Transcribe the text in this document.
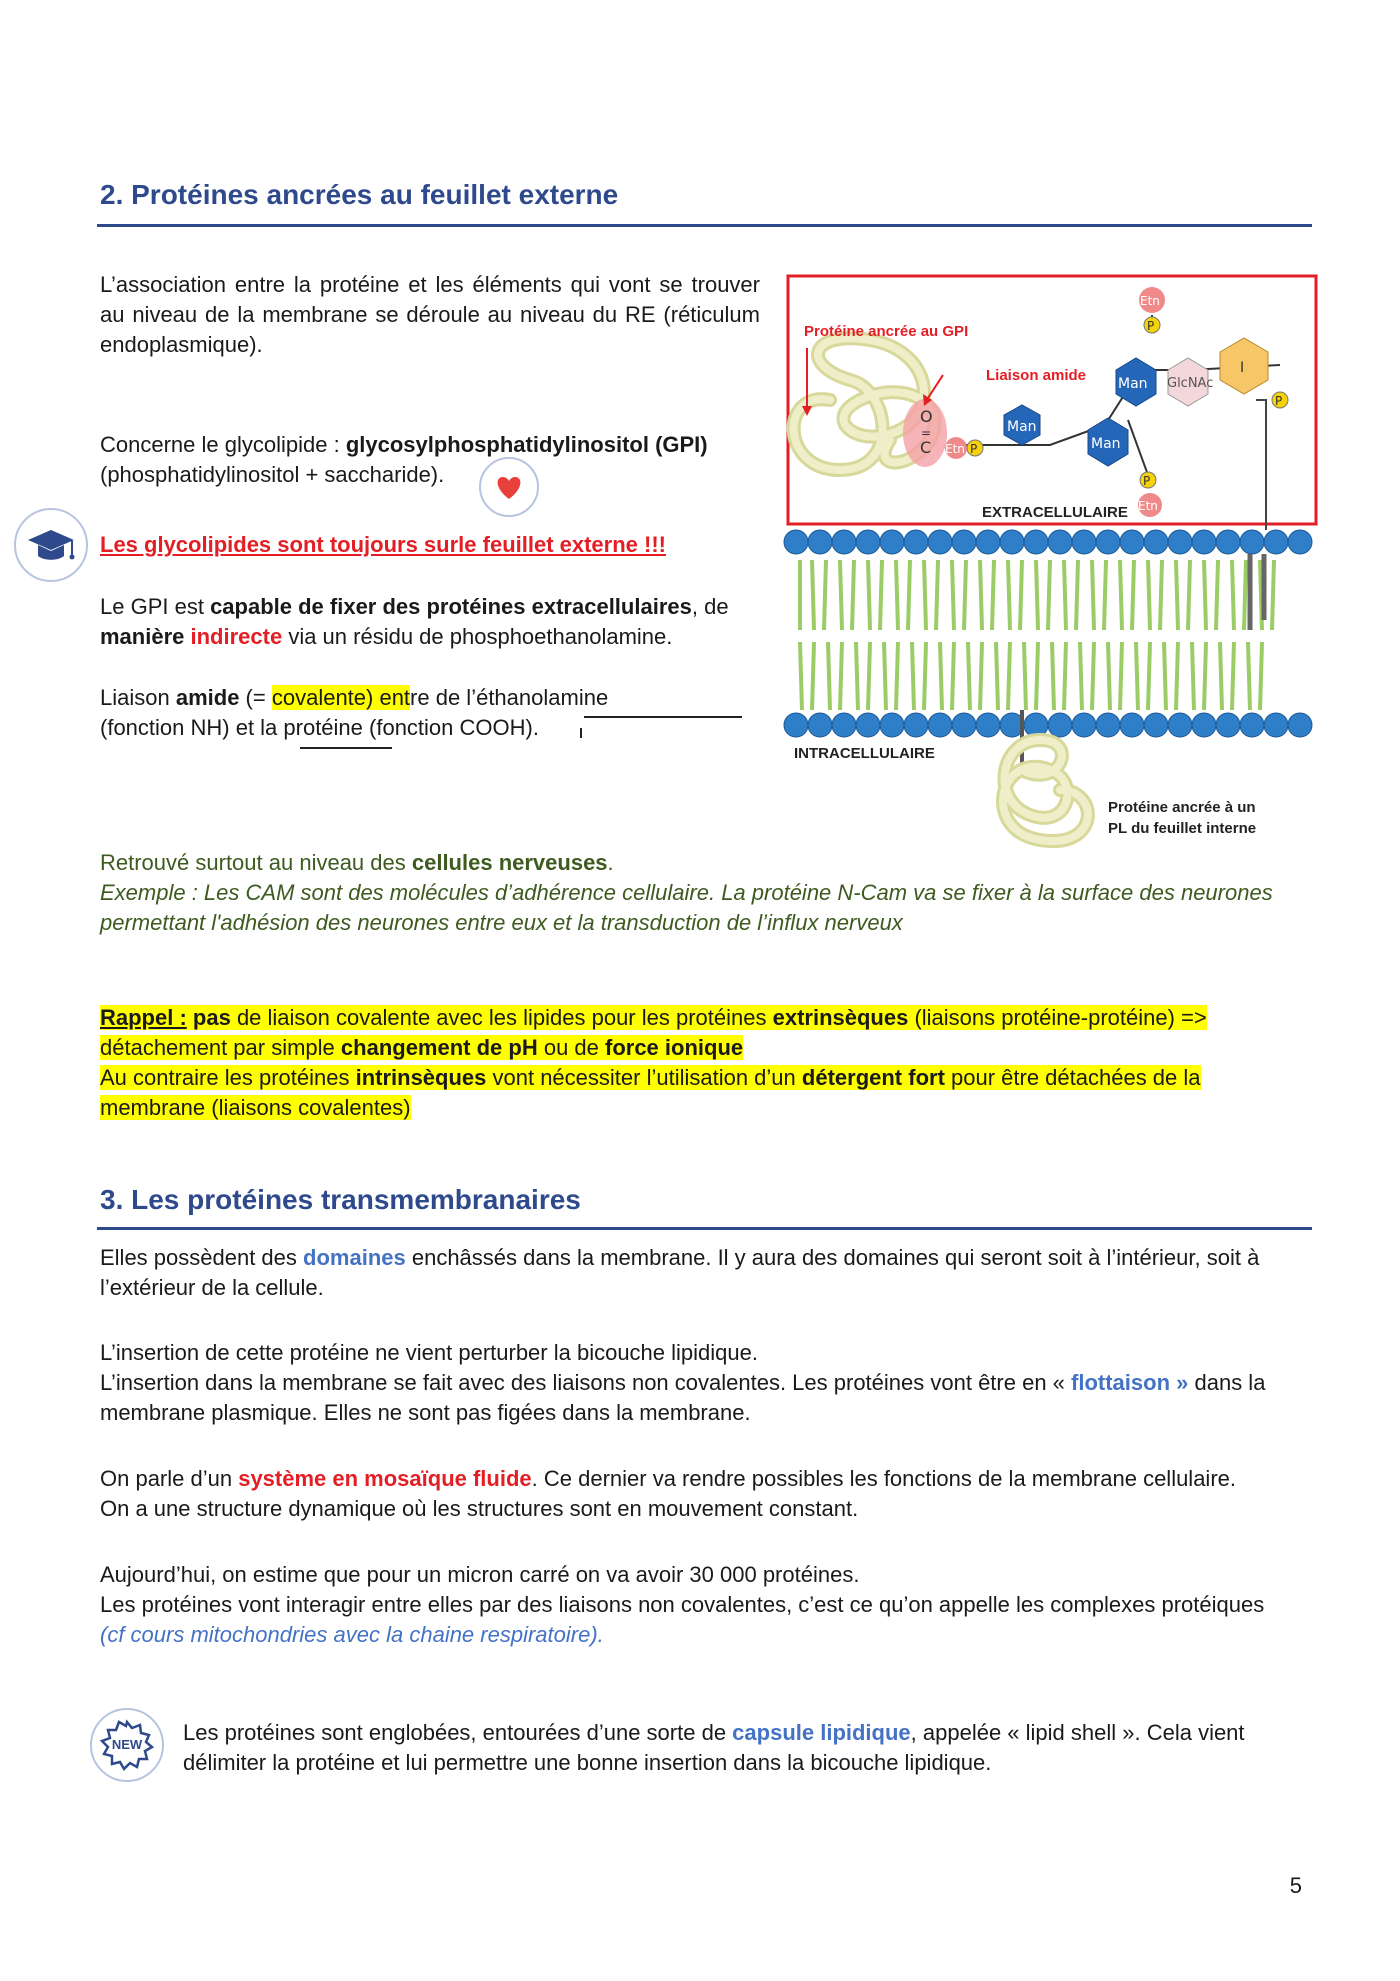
2. Protéines ancrées au feuillet externe

L’association entre la protéine et les éléments qui vont se trouver au niveau de la membrane se déroule au niveau du RE (réticulum endoplasmique).

Concerne le glycolipide : glycosylphosphatidylinositol (GPI)
(phosphatidylinositol + saccharide).

Les glycolipides sont toujours surle feuillet externe !!!

Le GPI est capable de fixer des protéines extracellulaires, de
manière indirecte via un résidu de phosphoethanolamine.

Liaison amide (= covalente) entre de l’éthanolamine
(fonction NH) et la protéine (fonction COOH).

Retrouvé surtout au niveau des cellules nerveuses.
Exemple : Les CAM sont des molécules d’adhérence cellulaire. La protéine N-Cam va se fixer à la surface des neurones permettant l'adhésion des neurones entre eux et la transduction de l’influx nerveux

O
=
C Etn P
Man
Man
Man GlcNAc
I
Etn
P
P
Etn
P
Protéine ancrée au GPI
Liaison amide
EXTRACELLULAIRE
INTRACELLULAIRE
Protéine ancrée à un
PL du feuillet interne

Rappel : pas de liaison covalente avec les lipides pour les protéines extrinsèques (liaisons protéine-protéine) =>
détachement par simple changement de pH ou de force ionique
Au contraire les protéines intrinsèques vont nécessiter l’utilisation d’un détergent fort pour être détachées de la
membrane (liaisons covalentes)

3. Les protéines transmembranaires

Elles possèdent des domaines enchâssés dans la membrane. Il y aura des domaines qui seront soit à l’intérieur, soit à l’extérieur de la cellule.

L’insertion de cette protéine ne vient perturber la bicouche lipidique.
L’insertion dans la membrane se fait avec des liaisons non covalentes. Les protéines vont être en « flottaison » dans la membrane plasmique. Elles ne sont pas figées dans la membrane.

On parle d’un système en mosaïque fluide. Ce dernier va rendre possibles les fonctions de la membrane cellulaire. On a une structure dynamique où les structures sont en mouvement constant.

Aujourd’hui, on estime que pour un micron carré on va avoir 30 000 protéines.
Les protéines vont interagir entre elles par des liaisons non covalentes, c’est ce qu’on appelle les complexes protéiques (cf cours mitochondries avec la chaine respiratoire).

NEW	Les protéines sont englobées, entourées d’une sorte de capsule lipidique, appelée « lipid shell ». Cela vient délimiter la protéine et lui permettre une bonne insertion dans la bicouche lipidique.

5
